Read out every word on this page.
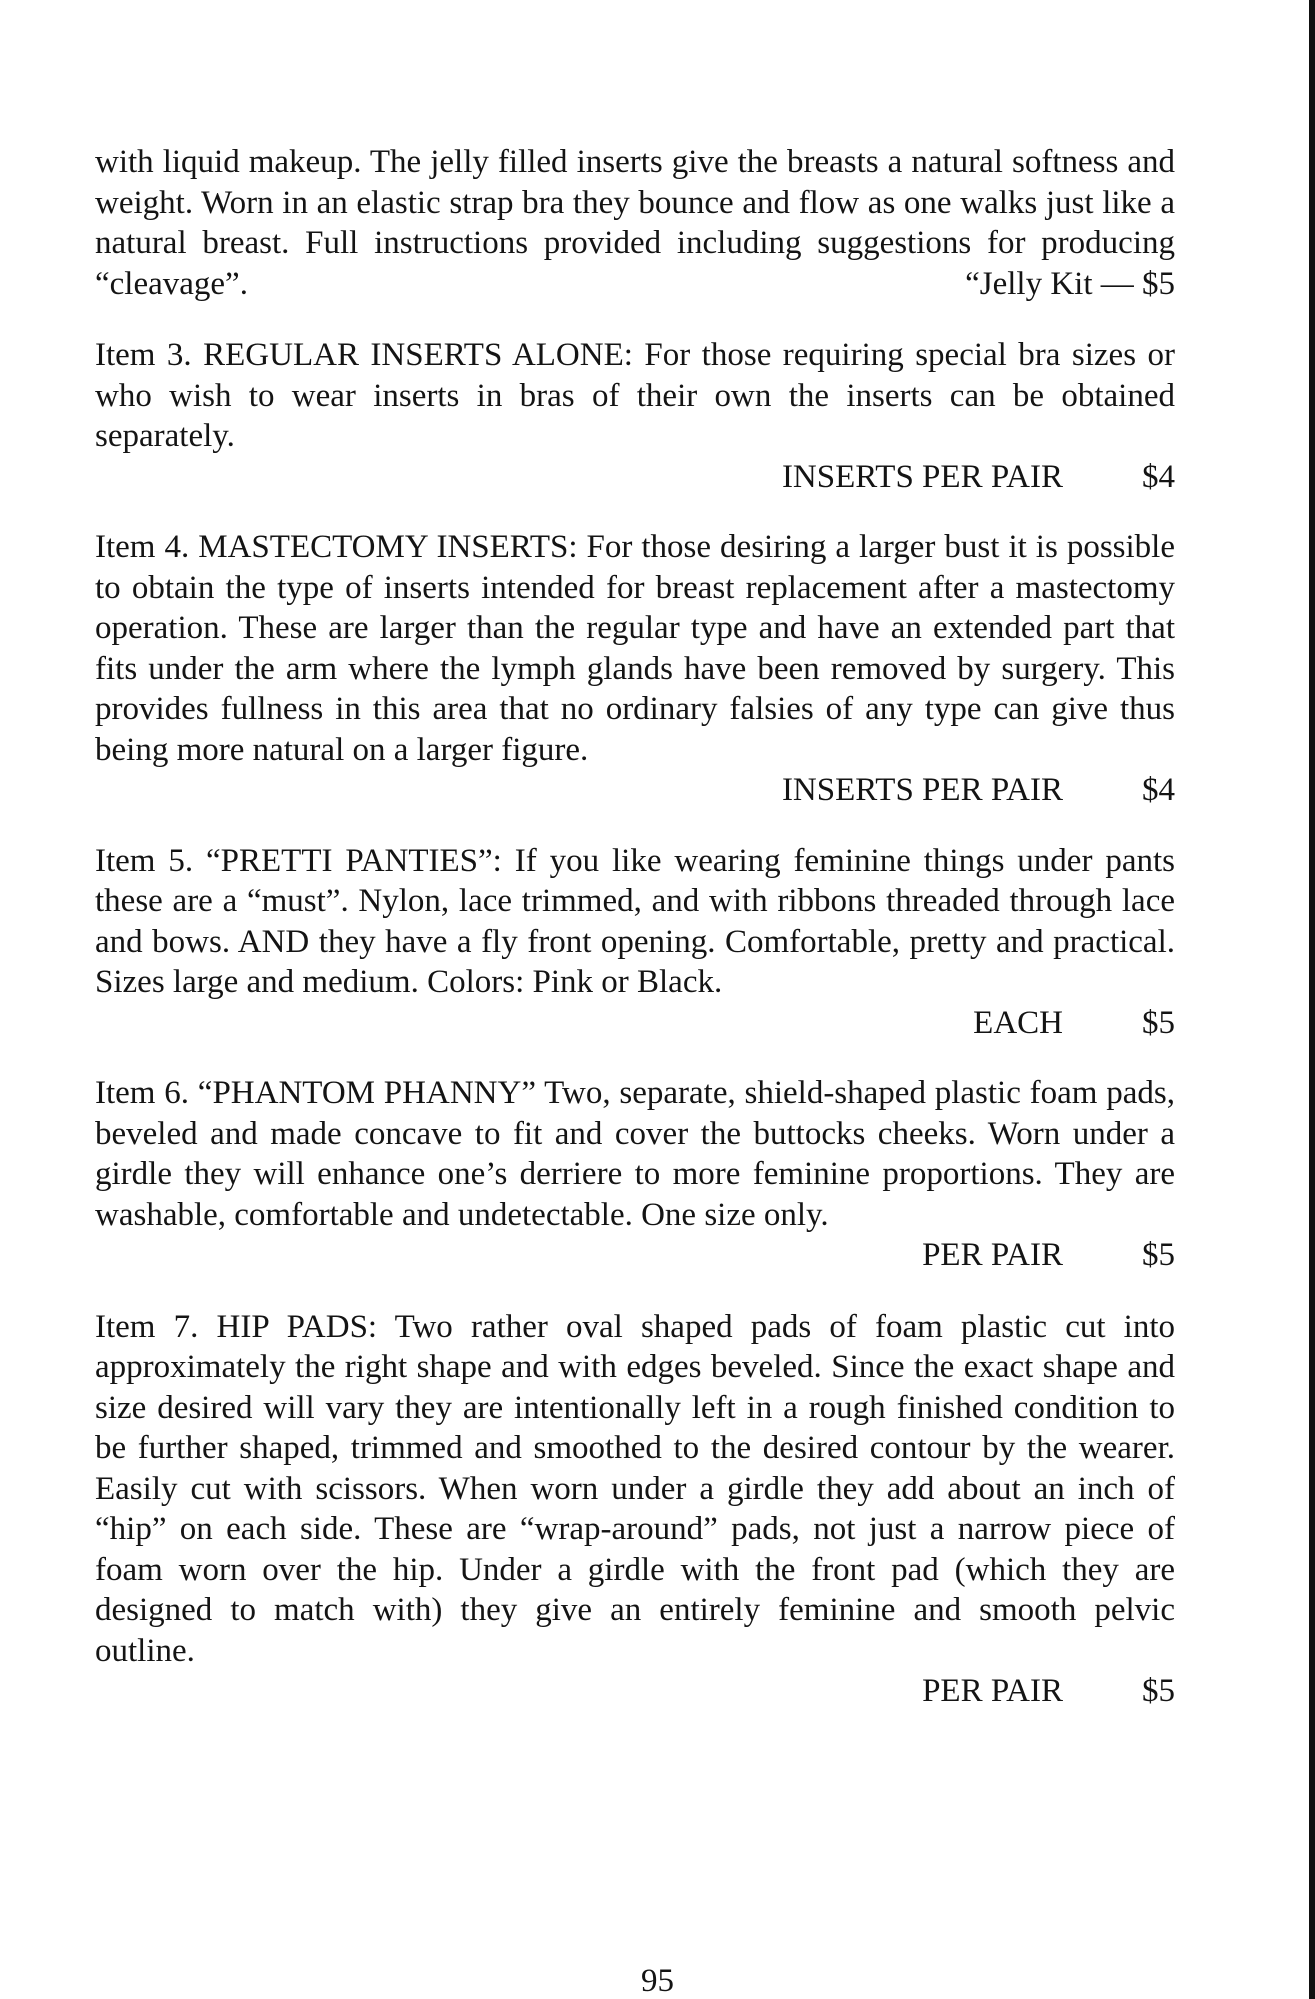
with liquid makeup. The jelly filled inserts give the breasts a natural softness and weight. Worn in an elastic strap bra they bounce and flow as one walks just like a natural breast. Full instructions provided including suggestions for producing “cleavage”.	“Jelly Kit — $5

Item 3. REGULAR INSERTS ALONE: For those requiring special bra sizes or who wish to wear inserts in bras of their own the inserts can be obtained separately.

INSERTS PER PAIR	$4

Item 4. MASTECTOMY INSERTS: For those desiring a larger bust it is possible to obtain the type of inserts intended for breast replacement after a mastectomy operation. These are larger than the regular type and have an extended part that fits under the arm where the lymph glands have been removed by surgery. This provides fullness in this area that no ordinary falsies of any type can give thus being more natural on a larger figure.

INSERTS PER PAIR	$4

Item 5. “PRETTI PANTIES”: If you like wearing feminine things under pants these are a “must”. Nylon, lace trimmed, and with ribbons threaded through lace and bows. AND they have a fly front opening. Comfortable, pretty and practical. Sizes large and medium. Colors: Pink or Black.

EACH	$5

Item 6. “PHANTOM PHANNY” Two, separate, shield-shaped plastic foam pads, beveled and made concave to fit and cover the buttocks cheeks. Worn under a girdle they will enhance one’s derriere to more feminine proportions. They are washable, comfortable and undetectable. One size only.

PER PAIR	$5

Item 7. HIP PADS: Two rather oval shaped pads of foam plastic cut into approximately the right shape and with edges beveled. Since the exact shape and size desired will vary they are intentionally left in a rough finished condition to be further shaped, trimmed and smoothed to the desired contour by the wearer. Easily cut with scissors. When worn under a girdle they add about an inch of “hip” on each side. These are “wrap-around” pads, not just a narrow piece of foam worn over the hip. Under a girdle with the front pad (which they are designed to match with) they give an entirely feminine and smooth pelvic outline.

PER PAIR	$5
95
